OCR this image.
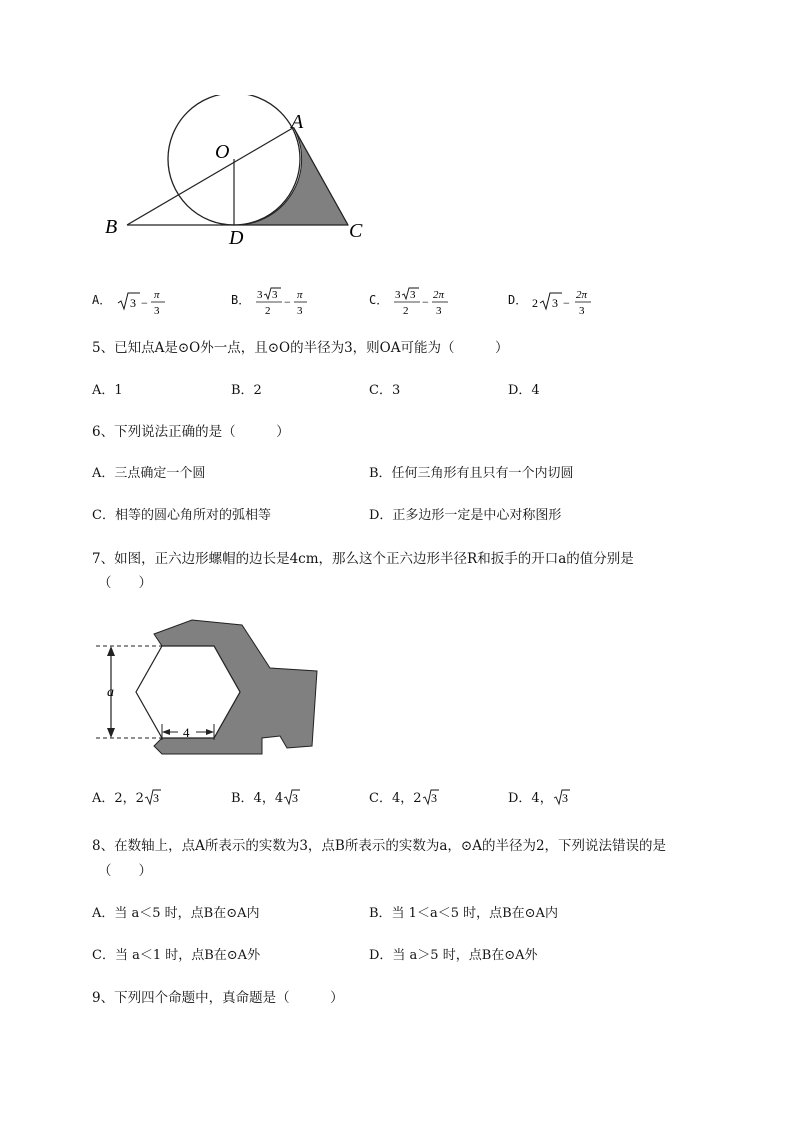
O
A
B	C
D
A． 3 −
π
3
B． 3 3
2
− π
3
C． 3 3
2
− 2π
3
D． 2 3 −
2π
3
5、已知点A是⊙O外一点，且⊙O的半径为3，则OA可能为（　　　）
A．1	B．2	C．3	D．4
6、下列说法正确的是（　　　）
A．三点确定一个圆	B．任何三角形有且只有一个内切圆
C．相等的圆心角所对的弧相等	D．正多边形一定是中心对称图形
7、如图，正六边形螺帽的边长是4cm，那么这个正六边形半径R和扳手的开口a的值分别是
（　　）
a
4
A．2，2 3	B．4，4 3	C．4，2 3	D．4， 3
8、在数轴上，点A所表示的实数为3，点B所表示的实数为a，⊙A的半径为2，下列说法错误的是
（　　）
A．当 a＜5 时，点B在⊙A内	B．当 1＜a＜5 时，点B在⊙A内
C．当 a＜1 时，点B在⊙A外	D．当 a＞5 时，点B在⊙A外
9、下列四个命题中，真命题是（　　　）
